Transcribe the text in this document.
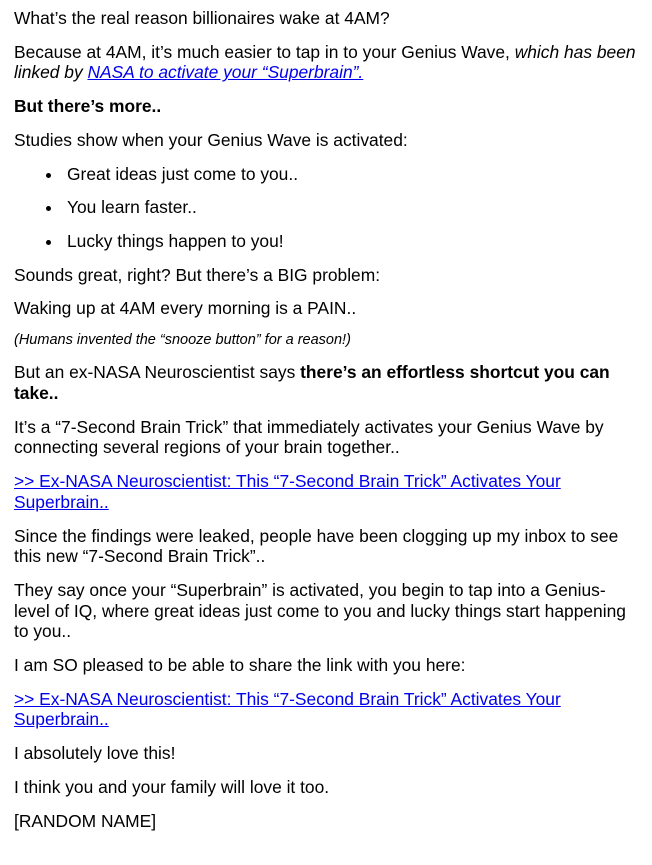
What’s the real reason billionaires wake at 4AM?

Because at 4AM, it’s much easier to tap in to your Genius Wave, which has been linked by NASA to activate your “Superbrain”.

But there’s more..

Studies show when your Genius Wave is activated:

• Great ideas just come to you..
• You learn faster..
• Lucky things happen to you!

Sounds great, right? But there’s a BIG problem:

Waking up at 4AM every morning is a PAIN..

(Humans invented the “snooze button” for a reason!)

But an ex-NASA Neuroscientist says there’s an effortless shortcut you can take..

It’s a “7-Second Brain Trick” that immediately activates your Genius Wave by connecting several regions of your brain together..

>> Ex-NASA Neuroscientist: This “7-Second Brain Trick” Activates Your Superbrain..

Since the findings were leaked, people have been clogging up my inbox to see this new “7-Second Brain Trick”..

They say once your “Superbrain” is activated, you begin to tap into a Genius-level of IQ, where great ideas just come to you and lucky things start happening to you..

I am SO pleased to be able to share the link with you here:

>> Ex-NASA Neuroscientist: This “7-Second Brain Trick” Activates Your Superbrain..

I absolutely love this!

I think you and your family will love it too.

[RANDOM NAME]
